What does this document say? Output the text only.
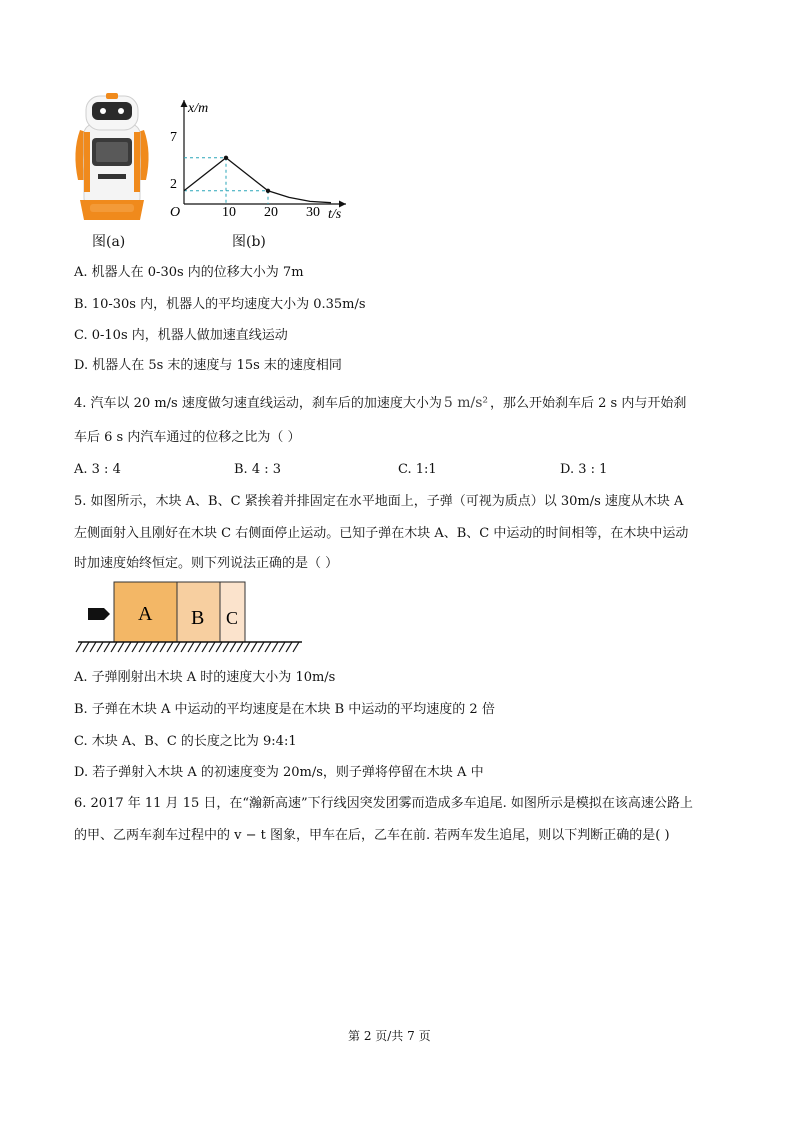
图(a)
x/m
t/s
O
7
2
10 20 30
图(b)
A. 机器人在 0-30s 内的位移大小为 7m
B. 10-30s 内，机器人的平均速度大小为 0.35m/s
C. 0-10s 内，机器人做加速直线运动
D. 机器人在 5s 末的速度与 15s 末的速度相同
4. 汽车以 20 m/s 速度做匀速直线运动，刹车后的加速度大小为 5 m/s² ，那么开始刹车后 2 s 内与开始刹
车后 6 s 内汽车通过的位移之比为（ ）
A. 3 : 4	B. 4 : 3	C. 1:1	D. 3 : 1
5. 如图所示，木块 A、B、C 紧挨着并排固定在水平地面上，子弹（可视为质点）以 30m/s 速度从木块 A
左侧面射入且刚好在木块 C 右侧面停止运动。已知子弹在木块 A、B、C 中运动的时间相等，在木块中运动
时加速度始终恒定。则下列说法正确的是（ ）
A B C
A. 子弹刚射出木块 A 时的速度大小为 10m/s
B. 子弹在木块 A 中运动的平均速度是在木块 B 中运动的平均速度的 2 倍
C. 木块 A、B、C 的长度之比为 9:4:1
D. 若子弹射入木块 A 的初速度变为 20m/s，则子弹将停留在木块 A 中
6. 2017 年 11 月 15 日，在“瀚新高速”下行线因突发团雾而造成多车追尾. 如图所示是模拟在该高速公路上
的甲、乙两车刹车过程中的 v − t 图象，甲车在后，乙车在前. 若两车发生追尾，则以下判断正确的是( )
第 2 页/共 7 页
